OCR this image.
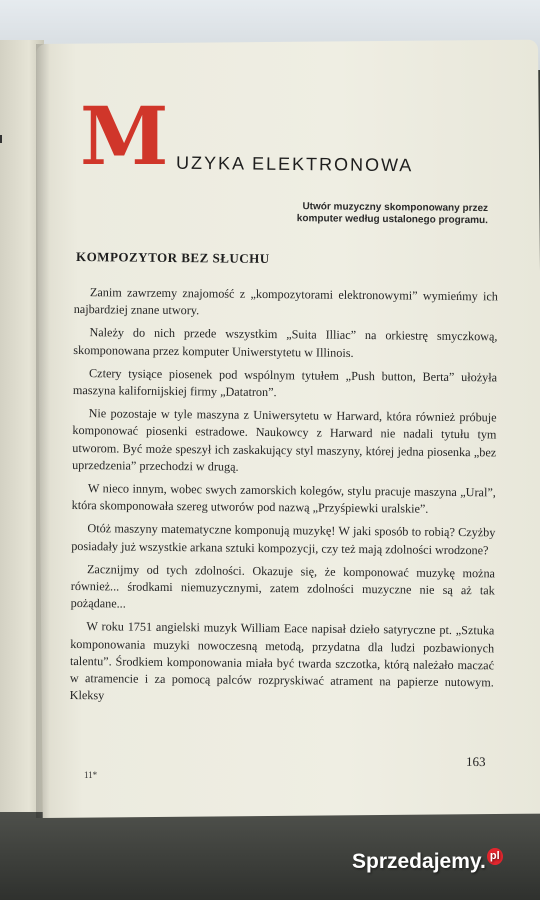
M UZYKA ELEKTRONOWA
Utwór muzyczny skomponowany przez
komputer według ustalonego programu.
KOMPOZYTOR BEZ SŁUCHU

Zanim zawrzemy znajomość z „kompozytorami elektronowymi” wymieńmy ich najbardziej znane utwory.

Należy do nich przede wszystkim „Suita Illiac” na orkiestrę smyczkową, skomponowana przez komputer Uniwerstytetu w Illinois.

Cztery tysiące piosenek pod wspólnym tytułem „Push button, Berta” ułożyła maszyna kalifornijskiej firmy „Datatron”.

Nie pozostaje w tyle maszyna z Uniwersytetu w Harward, która również próbuje komponować piosenki estradowe. Naukowcy z Harward nie nadali tytułu tym utworom. Być może speszył ich zaskakujący styl maszyny, której jedna piosenka „bez uprzedzenia” przechodzi w drugą.

W nieco innym, wobec swych zamorskich kolegów, stylu pracuje maszyna „Ural”, która skomponowała szereg utworów pod nazwą „Przyśpiewki uralskie”.

Otóż maszyny matematyczne komponują muzykę! W jaki sposób to robią? Czyżby posiadały już wszystkie arkana sztuki kompozycji, czy też mają zdolności wrodzone?

Zacznijmy od tych zdolności. Okazuje się, że komponować muzykę można również... środkami niemuzycznymi, zatem zdolności muzyczne nie są aż tak pożądane...

W roku 1751 angielski muzyk William Eace napisał dzieło satyryczne pt. „Sztuka komponowania muzyki nowoczesną metodą, przydatna dla ludzi pozbawionych talentu”. Środkiem komponowania miała być twarda szczotka, którą należało maczać w atramencie i za pomocą palców rozpryskiwać atrament na papierze nutowym. Kleksy

163
11*
Sprzedajemy. pl
